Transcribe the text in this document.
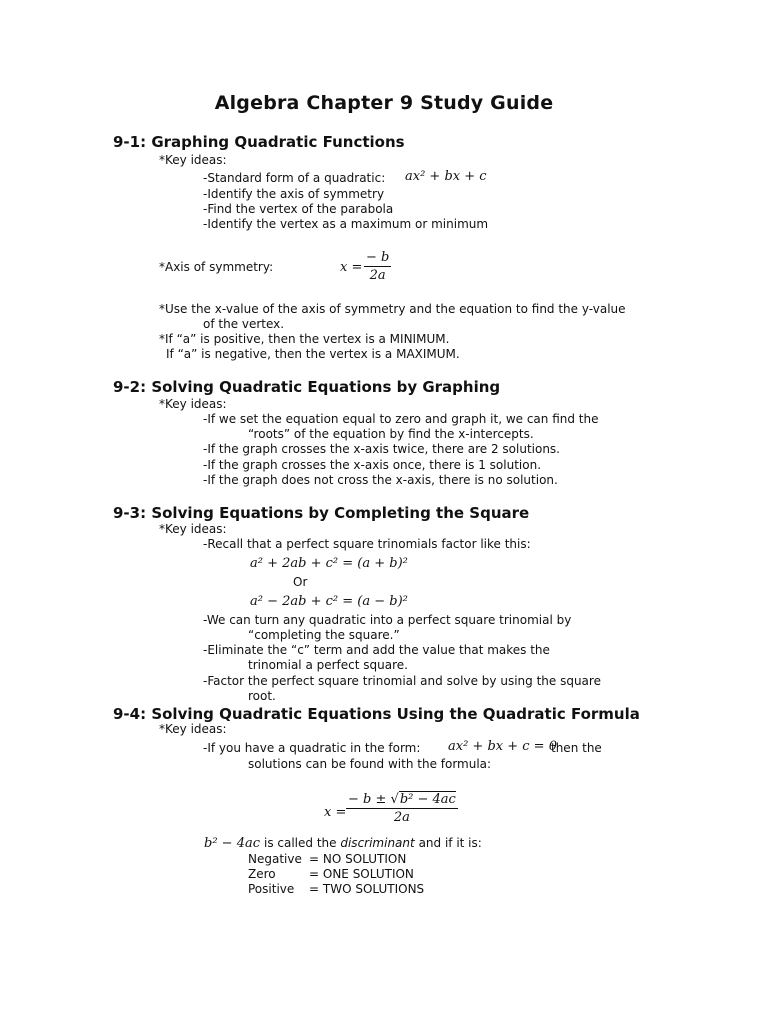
Algebra Chapter 9 Study Guide
9-1: Graphing Quadratic Functions
*Key ideas:
-Standard form of a quadratic: ax² + bx + c
-Identify the axis of symmetry
-Find the vertex of the parabola
-Identify the vertex as a maximum or minimum
*Axis of symmetry:	$x = \frac{- b}{2a}$
*Use the x-value of the axis of symmetry and the equation to find the y-value
of the vertex.
*If “a” is positive, then the vertex is a MINIMUM.
If “a” is negative, then the vertex is a MAXIMUM.
9-2: Solving Quadratic Equations by Graphing
*Key ideas:
-If we set the equation equal to zero and graph it, we can find the
“roots” of the equation by find the x-intercepts.
-If the graph crosses the x-axis twice, there are 2 solutions.
-If the graph crosses the x-axis once, there is 1 solution.
-If the graph does not cross the x-axis, there is no solution.
9-3: Solving Equations by Completing the Square
*Key ideas:
-Recall that a perfect square trinomials factor like this:
a² + 2ab + c² = (a + b)²
Or
a² − 2ab + c² = (a − b)²
-We can turn any quadratic into a perfect square trinomial by
“completing the square.”
-Eliminate the “c” term and add the value that makes the
trinomial a perfect square.
-Factor the perfect square trinomial and solve by using the square
root.
9-4: Solving Quadratic Equations Using the Quadratic Formula
*Key ideas:
-If you have a quadratic in the form: ax² + bx + c = 0
then the
solutions can be found with the formula:
$x = \frac{\text{− b ± √b² − 4ac}}{2a}$
b² − 4ac is called the discriminant and if it is:
Negative = NO SOLUTION
Zero	= ONE SOLUTION
Positive = TWO SOLUTIONS
